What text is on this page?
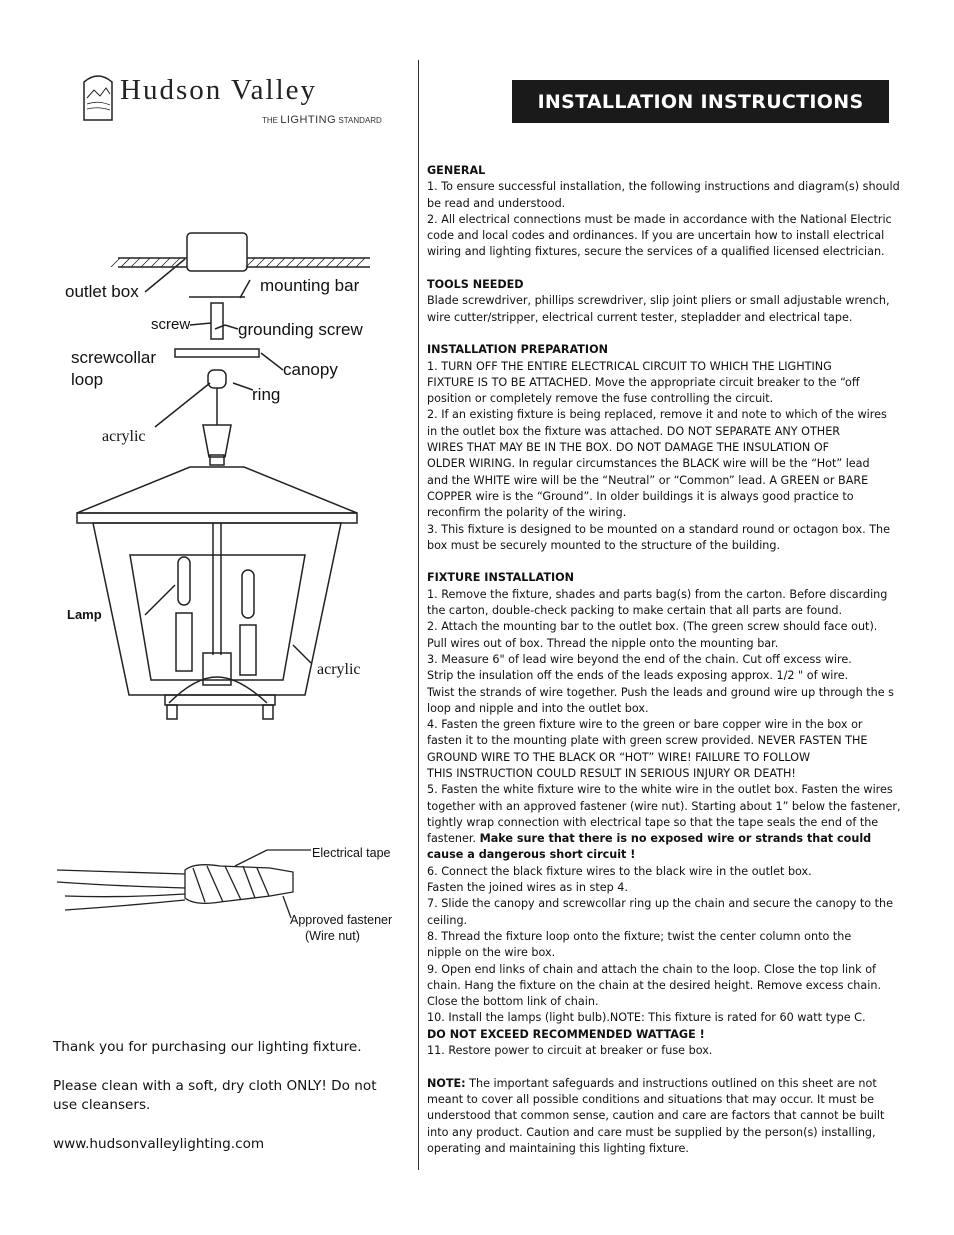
Hudson Valley
THE LIGHTING STANDARD
INSTALLATION INSTRUCTIONS
outlet box	mounting bar
screw	grounding screw
screwcollar
loop
canopy
ring
acrylic
Lamp
acrylic
Electrical tape
Approved fastener
(Wire nut)

GENERAL

1. To ensure successful installation, the following instructions and diagram(s) should

be read and understood.

2. All electrical connections must be made in accordance with the National Electric

code and local codes and ordinances. If you are uncertain how to install electrical

wiring and lighting fixtures, secure the services of a qualified licensed electrician.

TOOLS NEEDED

Blade screwdriver, phillips screwdriver, slip joint pliers or small adjustable wrench,

wire cutter/stripper, electrical current tester, stepladder and electrical tape.

INSTALLATION PREPARATION

1. TURN OFF THE ENTIRE ELECTRICAL CIRCUIT TO WHICH THE LIGHTING

FIXTURE IS TO BE ATTACHED. Move the appropriate circuit breaker to the “off

position or completely remove the fuse controlling the circuit.

2. If an existing fixture is being replaced, remove it and note to which of the wires

in the outlet box the fixture was attached. DO NOT SEPARATE ANY OTHER

WIRES THAT MAY BE IN THE BOX. DO NOT DAMAGE THE INSULATION OF

OLDER WIRING. In regular circumstances the BLACK wire will be the “Hot” lead

and the WHITE wire will be the “Neutral” or “Common” lead. A GREEN or BARE

COPPER wire is the “Ground”. In older buildings it is always good practice to

reconfirm the polarity of the wiring.

3. This fixture is designed to be mounted on a standard round or octagon box. The

box must be securely mounted to the structure of the building.

FIXTURE INSTALLATION

1. Remove the fixture, shades and parts bag(s) from the carton. Before discarding

the carton, double-check packing to make certain that all parts are found.

2. Attach the mounting bar to the outlet box. (The green screw should face out).

Pull wires out of box. Thread the nipple onto the mounting bar.

3. Measure 6" of lead wire beyond the end of the chain. Cut off excess wire.

Strip the insulation off the ends of the leads exposing approx. 1/2 " of wire.

Twist the strands of wire together. Push the leads and ground wire up through the s

loop and nipple and into the outlet box.

4. Fasten the green fixture wire to the green or bare copper wire in the box or

fasten it to the mounting plate with green screw provided. NEVER FASTEN THE

GROUND WIRE TO THE BLACK OR “HOT” WIRE! FAILURE TO FOLLOW

THIS INSTRUCTION COULD RESULT IN SERIOUS INJURY OR DEATH!

5. Fasten the white fixture wire to the white wire in the outlet box. Fasten the wires

together with an approved fastener (wire nut). Starting about 1” below the fastener,

tightly wrap connection with electrical tape so that the tape seals the end of the

fastener. Make sure that there is no exposed wire or strands that could

cause a dangerous short circuit !

6. Connect the black fixture wires to the black wire in the outlet box.

Fasten the joined wires as in step 4.

7. Slide the canopy and screwcollar ring up the chain and secure the canopy to the

ceiling.

8. Thread the fixture loop onto the fixture; twist the center column onto the

nipple on the wire box.

9. Open end links of chain and attach the chain to the loop. Close the top link of

chain. Hang the fixture on the chain at the desired height. Remove excess chain.

Close the bottom link of chain.

10. Install the lamps (light bulb).NOTE: This fixture is rated for 60 watt type C.

DO NOT EXCEED RECOMMENDED WATTAGE !

11. Restore power to circuit at breaker or fuse box.

NOTE: The important safeguards and instructions outlined on this sheet are not

meant to cover all possible conditions and situations that may occur. It must be

understood that common sense, caution and care are factors that cannot be built

into any product. Caution and care must be supplied by the person(s) installing,

operating and maintaining this lighting fixture.

Thank you for purchasing our lighting fixture.

Please clean with a soft, dry cloth ONLY! Do not

use cleansers.

www.hudsonvalleylighting.com
